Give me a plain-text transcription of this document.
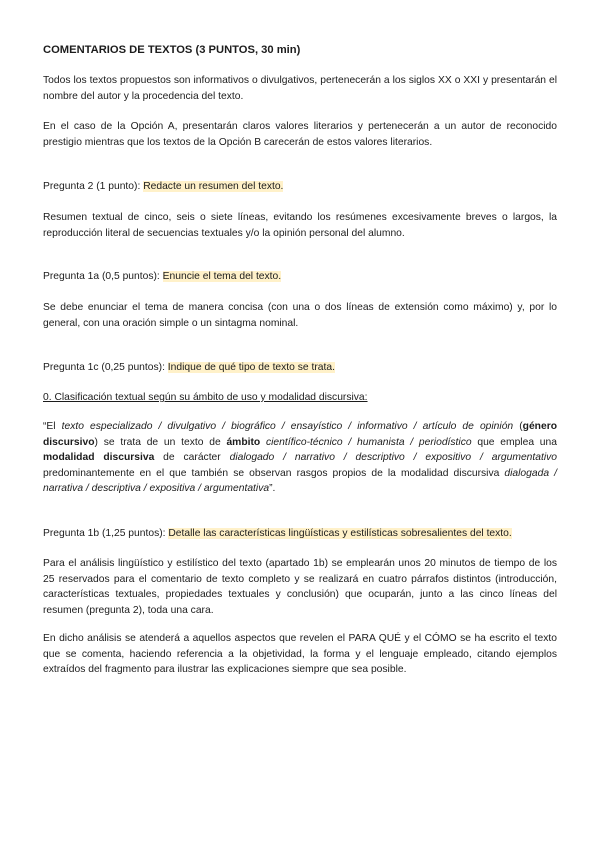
COMENTARIOS DE TEXTOS (3 PUNTOS, 30 min)
Todos los textos propuestos son informativos o divulgativos, pertenecerán a los siglos XX o XXI y presentarán el nombre del autor y la procedencia del texto.
En el caso de la Opción A, presentarán claros valores literarios y pertenecerán a un autor de reconocido prestigio mientras que los textos de la Opción B carecerán de estos valores literarios.
Pregunta 2 (1 punto): Redacte un resumen del texto.
Resumen textual de cinco, seis o siete líneas, evitando los resúmenes excesivamente breves o largos, la reproducción literal de secuencias textuales y/o la opinión personal del alumno.
Pregunta 1a (0,5 puntos): Enuncie el tema del texto.
Se debe enunciar el tema de manera concisa (con una o dos líneas de extensión como máximo) y, por lo general, con una oración simple o un sintagma nominal.
Pregunta 1c (0,25 puntos): Indique de qué tipo de texto se trata.
0. Clasificación textual según su ámbito de uso y modalidad discursiva:
“El texto especializado / divulgativo / biográfico / ensayístico / informativo / artículo de opinión (género discursivo) se trata de un texto de ámbito científico-técnico / humanista / periodístico que emplea una modalidad discursiva de carácter dialogado / narrativo / descriptivo / expositivo / argumentativo predominantemente en el que también se observan rasgos propios de la modalidad discursiva dialogada / narrativa / descriptiva / expositiva / argumentativa”.
Pregunta 1b (1,25 puntos): Detalle las características lingüísticas y estilísticas sobresalientes del texto.
Para el análisis lingüístico y estilístico del texto (apartado 1b) se emplearán unos 20 minutos de tiempo de los 25 reservados para el comentario de texto completo y se realizará en cuatro párrafos distintos (introducción, características textuales, propiedades textuales y conclusión) que ocuparán, junto a las cinco líneas del resumen (pregunta 2), toda una cara.
En dicho análisis se atenderá a aquellos aspectos que revelen el PARA QUÉ y el CÓMO se ha escrito el texto que se comenta, haciendo referencia a la objetividad, la forma y el lenguaje empleado, citando ejemplos extraídos del fragmento para ilustrar las explicaciones siempre que sea posible.
